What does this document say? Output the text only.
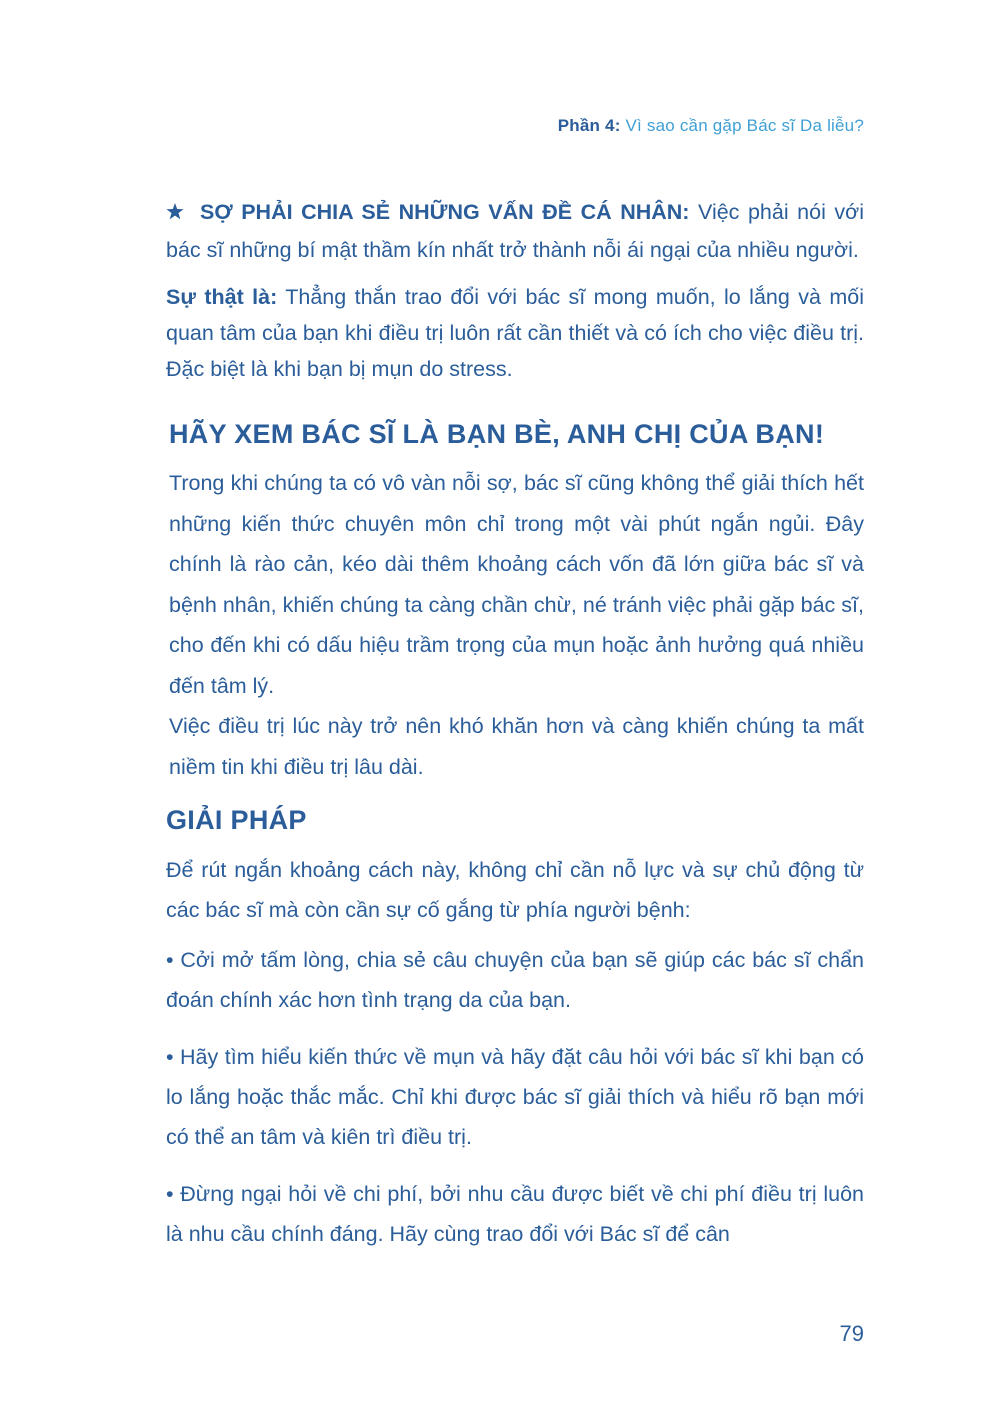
Phần 4: Vì sao cần gặp Bác sĩ Da liễu?

SỢ PHẢI CHIA SẺ NHỮNG VẤN ĐỀ CÁ NHÂN: Việc phải nói với bác sĩ những bí mật thầm kín nhất trở thành nỗi ái ngại của nhiều người.

Sự thật là: Thẳng thắn trao đổi với bác sĩ mong muốn, lo lắng và mối quan tâm của bạn khi điều trị luôn rất cần thiết và có ích cho việc điều trị. Đặc biệt là khi bạn bị mụn do stress.

HÃY XEM BÁC SĨ LÀ BẠN BÈ, ANH CHỊ CỦA BẠN!

Trong khi chúng ta có vô vàn nỗi sợ, bác sĩ cũng không thể giải thích hết những kiến thức chuyên môn chỉ trong một vài phút ngắn ngủi. Đây chính là rào cản, kéo dài thêm khoảng cách vốn đã lớn giữa bác sĩ và bệnh nhân, khiến chúng ta càng chần chừ, né tránh việc phải gặp bác sĩ, cho đến khi có dấu hiệu trầm trọng của mụn hoặc ảnh hưởng quá nhiều đến tâm lý.

Việc điều trị lúc này trở nên khó khăn hơn và càng khiến chúng ta mất niềm tin khi điều trị lâu dài.

GIẢI PHÁP

Để rút ngắn khoảng cách này, không chỉ cần nỗ lực và sự chủ động từ các bác sĩ mà còn cần sự cố gắng từ phía người bệnh:

• Cởi mở tấm lòng, chia sẻ câu chuyện của bạn sẽ giúp các bác sĩ chẩn đoán chính xác hơn tình trạng da của bạn.

• Hãy tìm hiểu kiến thức về mụn và hãy đặt câu hỏi với bác sĩ khi bạn có lo lắng hoặc thắc mắc. Chỉ khi được bác sĩ giải thích và hiểu rõ bạn mới có thể an tâm và kiên trì điều trị.

• Đừng ngại hỏi về chi phí, bởi nhu cầu được biết về chi phí điều trị luôn là nhu cầu chính đáng. Hãy cùng trao đổi với Bác sĩ để cân

79
